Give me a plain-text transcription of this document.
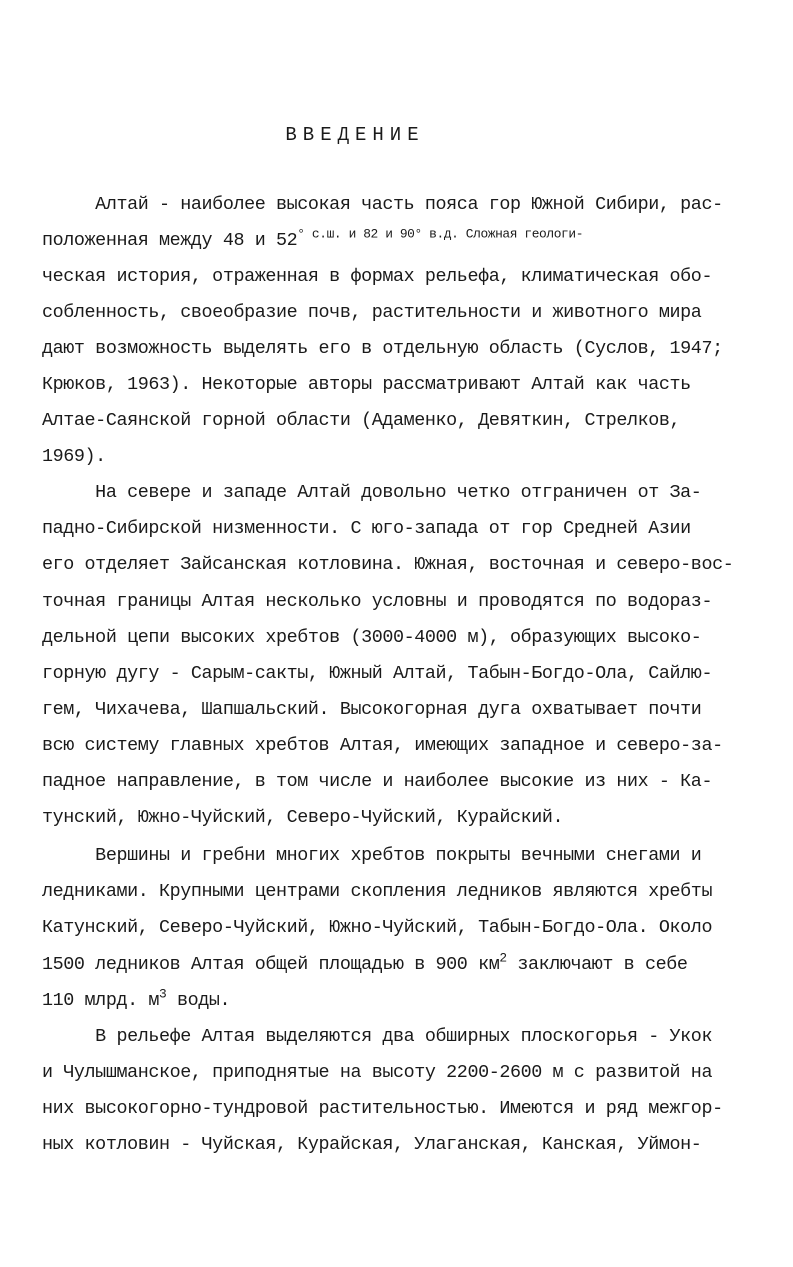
ВВЕДЕНИЕ
Алтай - наиболее высокая часть пояса гор Южной Сибири, рас-
положенная между 48 и $52^{^\circ с.ш. и 82 и 90^\circ в.д. Сложная геологи-}$
ческая история, отраженная в формах рельефа, климатическая обо-
собленность, своеобразие почв, растительности и животного мира
дают возможность выделять его в отдельную область (Суслов, 1947;
Крюков, 1963). Некоторые авторы рассматривают Алтай как часть
Алтае-Саянской горной области (Адаменко, Девяткин, Стрелков,
1969).
На севере и западе Алтай довольно четко отграничен от За-
падно-Сибирской низменности. С юго-запада от гор Средней Азии
его отделяет Зайсанская котловина. Южная, восточная и северо-вос-
точная границы Алтая несколько условны и проводятся по водораз-
дельной цепи высоких хребтов (3000-4000 м), образующих высоко-
горную дугу - Сарым-сакты, Южный Алтай, Табын-Богдо-Ола, Сайлю-
гем, Чихачева, Шапшальский. Высокогорная дуга охватывает почти
всю систему главных хребтов Алтая, имеющих западное и северо-за-
падное направление, в том числе и наиболее высокие из них - Ка-
тунский, Южно-Чуйский, Северо-Чуйский, Курайский.
Вершины и гребни многих хребтов покрыты вечными снегами и
ледниками. Крупными центрами скопления ледников являются хребты
Катунский, Северо-Чуйский, Южно-Чуйский, Табын-Богдо-Ола. Около
1500 ледников Алтая общей площадью в 900 $км^2$ заключают в себе
110 млрд. $м^3$ воды.
В рельефе Алтая выделяются два обширных плоскогорья - Укок
и Чулышманское, приподнятые на высоту 2200-2600 м с развитой на
них высокогорно-тундровой растительностью. Имеются и ряд межгор-
ных котловин - Чуйская, Курайская, Улаганская, Канская, Уймон-
